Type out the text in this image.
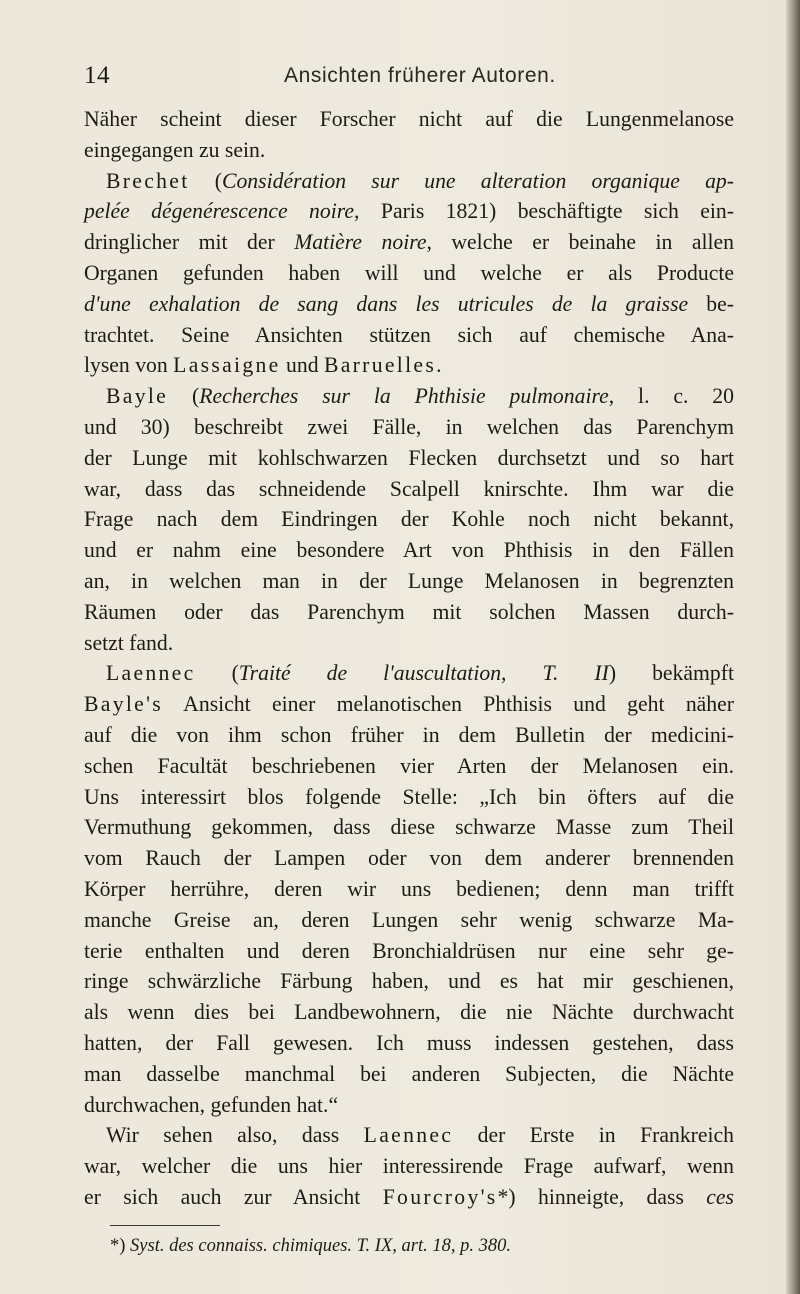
14	Ansichten früherer Autoren.
Näher scheint dieser Forscher nicht auf die Lungenmelanose
eingegangen zu sein.
Brechet (Considération sur une alteration organique ap-
pelée dégenérescence noire, Paris 1821) beschäftigte sich ein-
dringlicher mit der Matière noire, welche er beinahe in allen
Organen gefunden haben will und welche er als Producte
d'une exhalation de sang dans les utricules de la graisse be-
trachtet. Seine Ansichten stützen sich auf chemische Ana-
lysen von Lassaigne und Barruelles.
Bayle (Recherches sur la Phthisie pulmonaire, l. c. 20
und 30) beschreibt zwei Fälle, in welchen das Parenchym
der Lunge mit kohlschwarzen Flecken durchsetzt und so hart
war, dass das schneidende Scalpell knirschte. Ihm war die
Frage nach dem Eindringen der Kohle noch nicht bekannt,
und er nahm eine besondere Art von Phthisis in den Fällen
an, in welchen man in der Lunge Melanosen in begrenzten
Räumen oder das Parenchym mit solchen Massen durch-
setzt fand.
Laennec (Traité de l'auscultation, T. II) bekämpft
Bayle's Ansicht einer melanotischen Phthisis und geht näher
auf die von ihm schon früher in dem Bulletin der medicini-
schen Facultät beschriebenen vier Arten der Melanosen ein.
Uns interessirt blos folgende Stelle: „Ich bin öfters auf die
Vermuthung gekommen, dass diese schwarze Masse zum Theil
vom Rauch der Lampen oder von dem anderer brennenden
Körper herrühre, deren wir uns bedienen; denn man trifft
manche Greise an, deren Lungen sehr wenig schwarze Ma-
terie enthalten und deren Bronchialdrüsen nur eine sehr ge-
ringe schwärzliche Färbung haben, und es hat mir geschienen,
als wenn dies bei Landbewohnern, die nie Nächte durchwacht
hatten, der Fall gewesen. Ich muss indessen gestehen, dass
man dasselbe manchmal bei anderen Subjecten, die Nächte
durchwachen, gefunden hat.“
Wir sehen also, dass Laennec der Erste in Frankreich
war, welcher die uns hier interessirende Frage aufwarf, wenn
er sich auch zur Ansicht Fourcroy's*) hinneigte, dass ces
*) Syst. des connaiss. chimiques. T. IX, art. 18, p. 380.
